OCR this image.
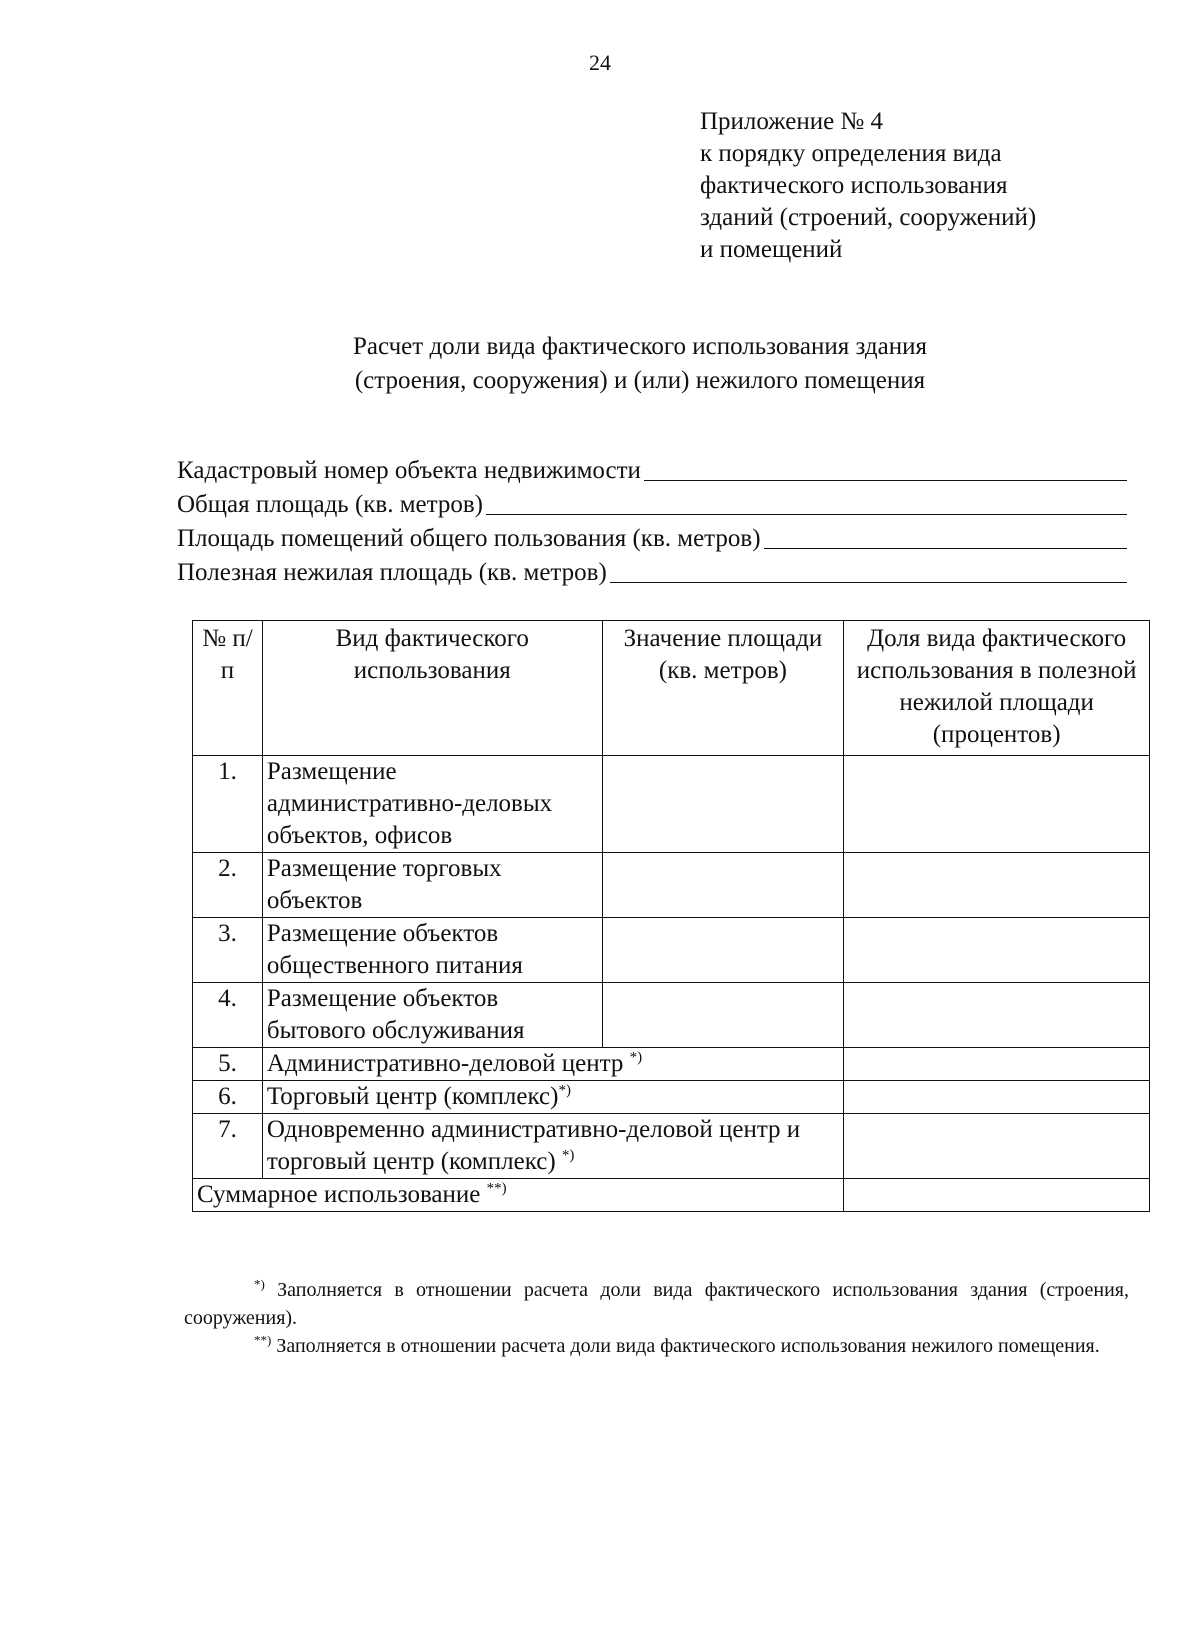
24
Приложение № 4
к порядку определения вида
фактического использования
зданий (строений, сооружений)
и помещений
Расчет доли вида фактического использования здания
(строения, сооружения) и (или) нежилого помещения
Кадастровый номер объекта недвижимости
Общая площадь (кв. метров)
Площадь помещений общего пользования (кв. метров)
Полезная нежилая площадь (кв. метров)
№ п/п	Вид фактического использования	Значение площади (кв. метров)	Доля вида фактического использования в полезной нежилой площади (процентов)
1.	Размещение административно-деловых объектов, офисов		
2.	Размещение торговых объектов		
3.	Размещение объектов общественного питания		
4.	Размещение объектов бытового обслуживания		
5.	Административно-деловой центр *)	
6.	Торговый центр (комплекс)*)	
7.	Одновременно административно-деловой центр и торговый центр (комплекс) *)	
Суммарное использование **)	

*) Заполняется в отношении расчета доли вида фактического использования здания (строения, сооружения).

**) Заполняется в отношении расчета доли вида фактического использования нежилого помещения.
